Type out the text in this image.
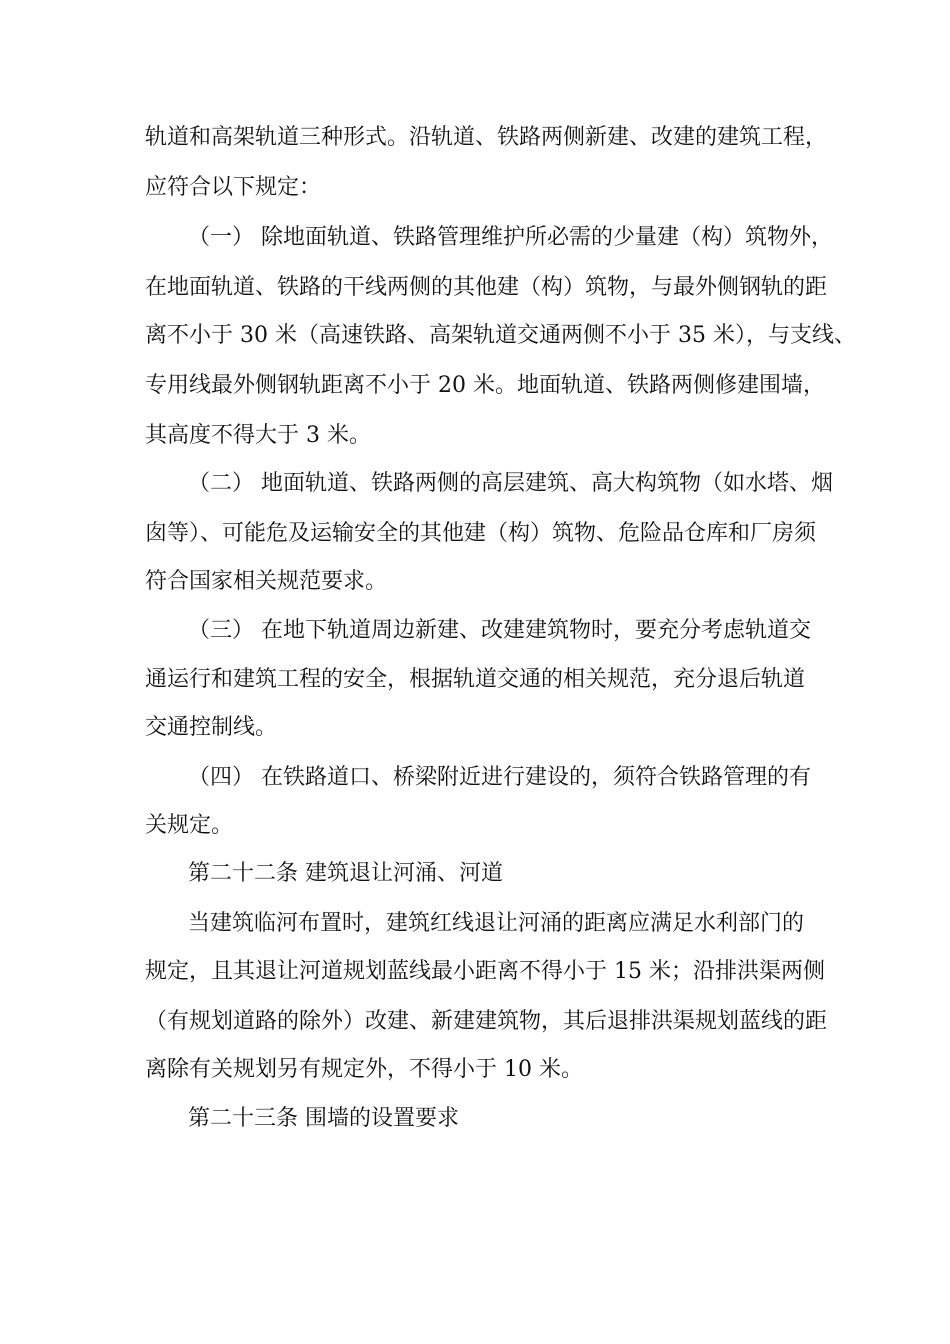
轨道和高架轨道三种形式。沿轨道、铁路两侧新建、改建的建筑工程，
应符合以下规定：
（一） 除地面轨道、铁路管理维护所必需的少量建（构）筑物外，
在地面轨道、铁路的干线两侧的其他建（构）筑物，与最外侧钢轨的距
离不小于 30 米（高速铁路、高架轨道交通两侧不小于 35 米），与支线、
专用线最外侧钢轨距离不小于 20 米。地面轨道、铁路两侧修建围墙，
其高度不得大于 3 米。
（二） 地面轨道、铁路两侧的高层建筑、高大构筑物（如水塔、烟
囱等）、可能危及运输安全的其他建（构）筑物、危险品仓库和厂房须
符合国家相关规范要求。
（三） 在地下轨道周边新建、改建建筑物时，要充分考虑轨道交
通运行和建筑工程的安全，根据轨道交通的相关规范，充分退后轨道
交通控制线。
（四） 在铁路道口、桥梁附近进行建设的，须符合铁路管理的有
关规定。
第二十二条 建筑退让河涌、河道
当建筑临河布置时，建筑红线退让河涌的距离应满足水利部门的
规定，且其退让河道规划蓝线最小距离不得小于 15 米；沿排洪渠两侧
（有规划道路的除外）改建、新建建筑物，其后退排洪渠规划蓝线的距
离除有关规划另有规定外，不得小于 10 米。
第二十三条 围墙的设置要求
